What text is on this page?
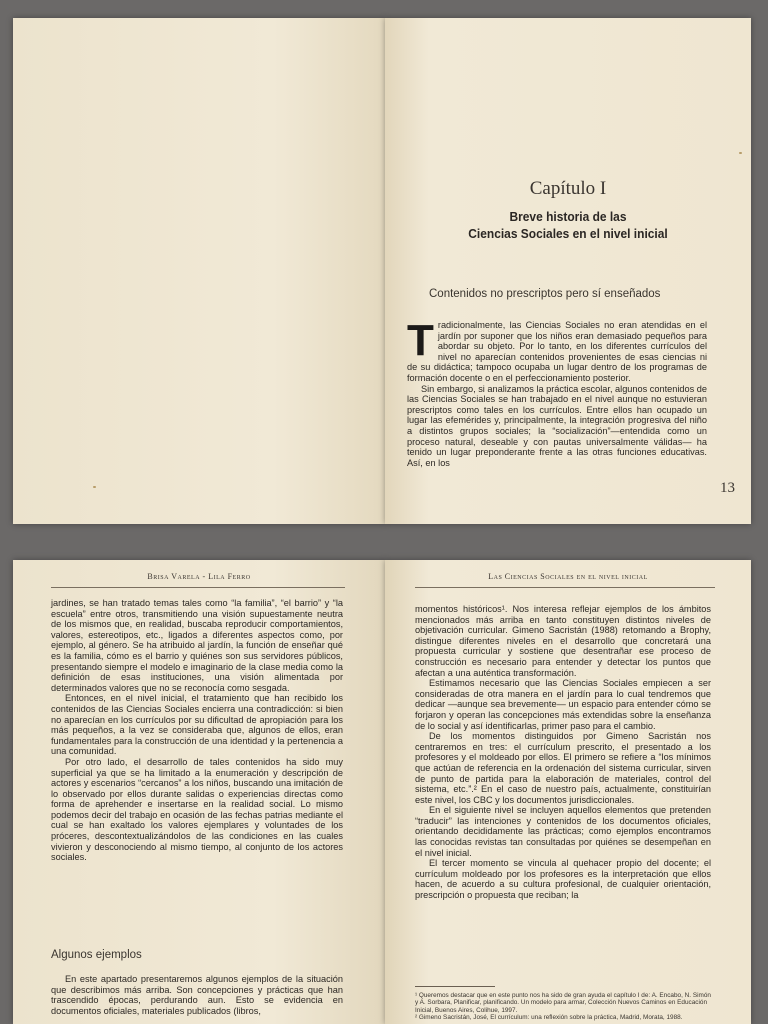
Capítulo I
Breve historia de las
Ciencias Sociales en el nivel inicial
Contenidos no prescriptos pero sí enseñados

Tradicionalmente, las Ciencias Sociales no eran atendidas en el jardín por suponer que los niños eran demasiado pequeños para abordar su objeto. Por lo tanto, en los diferentes currículos del nivel no aparecían contenidos provenientes de esas ciencias ni de su didáctica; tampoco ocupaba un lugar dentro de los programas de formación docente o en el perfeccionamiento posterior.

Sin embargo, si analizamos la práctica escolar, algunos contenidos de las Ciencias Sociales se han trabajado en el nivel aunque no estuvieran prescriptos como tales en los currículos. Entre ellos han ocupado un lugar las efemérides y, principalmente, la integración progresiva del niño a distintos grupos sociales; la “socialización”—entendida como un proceso natural, deseable y con pautas universalmente válidas— ha tenido un lugar preponderante frente a las otras funciones educativas. Así, en los

13
Brisa Varela - Lila Ferro

jardines, se han tratado temas tales como “la familia”, “el barrio” y “la escuela” entre otros, transmitiendo una visión supuestamente neutra de los mismos que, en realidad, buscaba reproducir comportamientos, valores, estereotipos, etc., ligados a diferentes aspectos como, por ejemplo, al género. Se ha atribuido al jardín, la función de enseñar qué es la familia, cómo es el barrio y quiénes son sus servidores públicos, presentando siempre el modelo e imaginario de la clase media como la definición de esas instituciones, una visión alimentada por determinados valores que no se reconocía como sesgada.

Entonces, en el nivel inicial, el tratamiento que han recibido los contenidos de las Ciencias Sociales encierra una contradicción: si bien no aparecían en los currículos por su dificultad de apropiación para los más pequeños, a la vez se consideraba que, algunos de ellos, eran fundamentales para la construcción de una identidad y la pertenencia a una comunidad.

Por otro lado, el desarrollo de tales contenidos ha sido muy superficial ya que se ha limitado a la enumeración y descripción de actores y escenarios “cercanos” a los niños, buscando una imitación de lo observado por ellos durante salidas o experiencias directas como forma de aprehender e insertarse en la realidad social. Lo mismo podemos decir del trabajo en ocasión de las fechas patrias mediante el cual se han exaltado los valores ejemplares y voluntades de los próceres, descontextualizándolos de las condiciones en las cuales vivieron y desconociendo al mismo tiempo, al conjunto de los actores sociales.

Algunos ejemplos

En este apartado presentaremos algunos ejemplos de la situación que describimos más arriba. Son concepciones y prácticas que han trascendido épocas, perdurando aun. Esto se evidencia en documentos oficiales, materiales publicados (libros,

Las Ciencias Sociales en el nivel inicial

momentos históricos¹. Nos interesa reflejar ejemplos de los ámbitos mencionados más arriba en tanto constituyen distintos niveles de objetivación curricular. Gimeno Sacristán (1988) retomando a Brophy, distingue diferentes niveles en el desarrollo que concretará una propuesta curricular y sostiene que desentrañar ese proceso de construcción es necesario para entender y detectar los puntos que afectan a una auténtica transformación.

Estimamos necesario que las Ciencias Sociales empiecen a ser consideradas de otra manera en el jardín para lo cual tendremos que dedicar —aunque sea brevemente— un espacio para entender cómo se forjaron y operan las concepciones más extendidas sobre la enseñanza de lo social y así identificarlas, primer paso para el cambio.

De los momentos distinguidos por Gimeno Sacristán nos centraremos en tres: el currículum prescrito, el presentado a los profesores y el moldeado por ellos. El primero se refiere a “los mínimos que actúan de referencia en la ordenación del sistema curricular, sirven de punto de partida para la elaboración de materiales, control del sistema, etc.”.² En el caso de nuestro país, actualmente, constituirían este nivel, los CBC y los documentos jurisdiccionales.

En el siguiente nivel se incluyen aquellos elementos que pretenden “traducir” las intenciones y contenidos de los documentos oficiales, orientando decididamente las prácticas; como ejemplos encontramos las conocidas revistas tan consultadas por quiénes se desempeñan en el nivel inicial.

El tercer momento se vincula al quehacer propio del docente; el currículum moldeado por los profesores es la interpretación que ellos hacen, de acuerdo a su cultura profesional, de cualquier orientación, prescripción o propuesta que reciban; la

¹ Queremos destacar que en este punto nos ha sido de gran ayuda el capítulo I de: A. Encabo, N. Simón y A. Sorbara, Planificar, planificando. Un modelo para armar, Colección Nuevos Caminos en Educación Inicial, Buenos Aires, Colihue, 1997.

² Gimeno Sacristán, José, El currículum: una reflexión sobre la práctica, Madrid, Morata, 1988.
